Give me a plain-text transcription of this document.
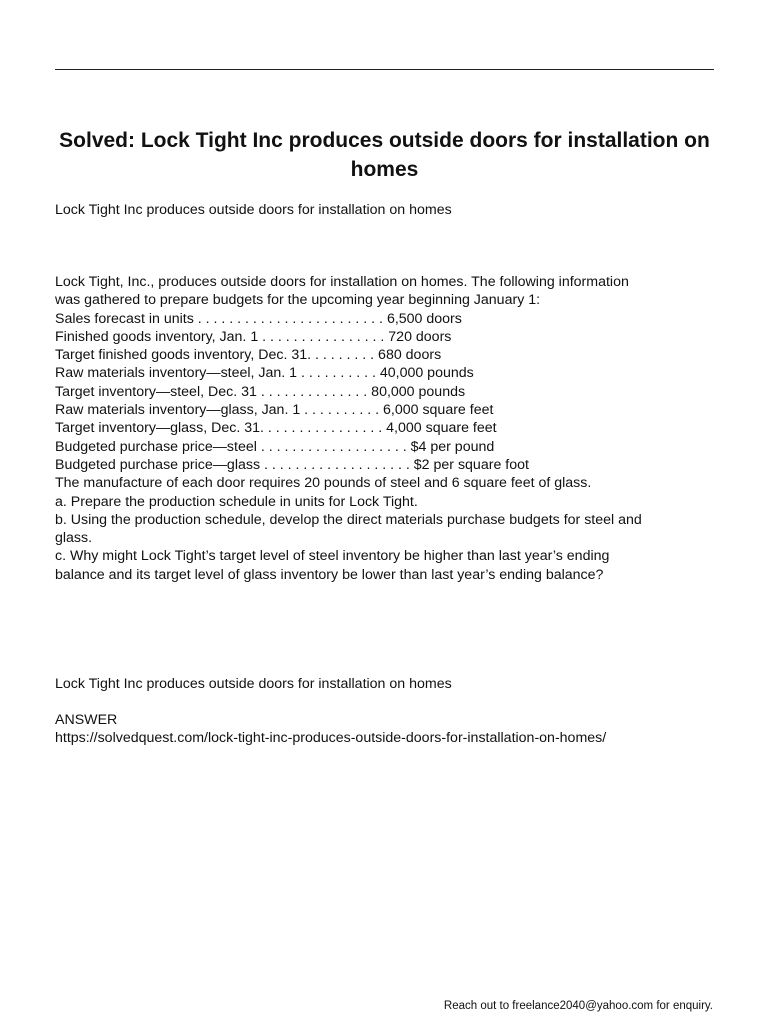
Solved: Lock Tight Inc produces outside doors for installation on homes

Lock Tight Inc produces outside doors for installation on homes

Lock Tight, Inc., produces outside doors for installation on homes. The following information

was gathered to prepare budgets for the upcoming year beginning January 1:

Sales forecast in units . . . . . . . . . . . . . . . . . . . . . . . . 6,500 doors

Finished goods inventory, Jan. 1 . . . . . . . . . . . . . . . . 720 doors

Target finished goods inventory, Dec. 31. . . . . . . . . 680 doors

Raw materials inventory—steel, Jan. 1 . . . . . . . . . . 40,000 pounds

Target inventory—steel, Dec. 31 . . . . . . . . . . . . . . 80,000 pounds

Raw materials inventory—glass, Jan. 1 . . . . . . . . . . 6,000 square feet

Target inventory—glass, Dec. 31. . . . . . . . . . . . . . . . 4,000 square feet

Budgeted purchase price—steel . . . . . . . . . . . . . . . . . . . $4 per pound

Budgeted purchase price—glass . . . . . . . . . . . . . . . . . . . $2 per square foot

The manufacture of each door requires 20 pounds of steel and 6 square feet of glass.

a. Prepare the production schedule in units for Lock Tight.

b. Using the production schedule, develop the direct materials purchase budgets for steel and

glass.

c. Why might Lock Tight’s target level of steel inventory be higher than last year’s ending

balance and its target level of glass inventory be lower than last year’s ending balance?

Lock Tight Inc produces outside doors for installation on homes

ANSWER

https://solvedquest.com/lock-tight-inc-produces-outside-doors-for-installation-on-homes/

Reach out to freelance2040@yahoo.com for enquiry.
